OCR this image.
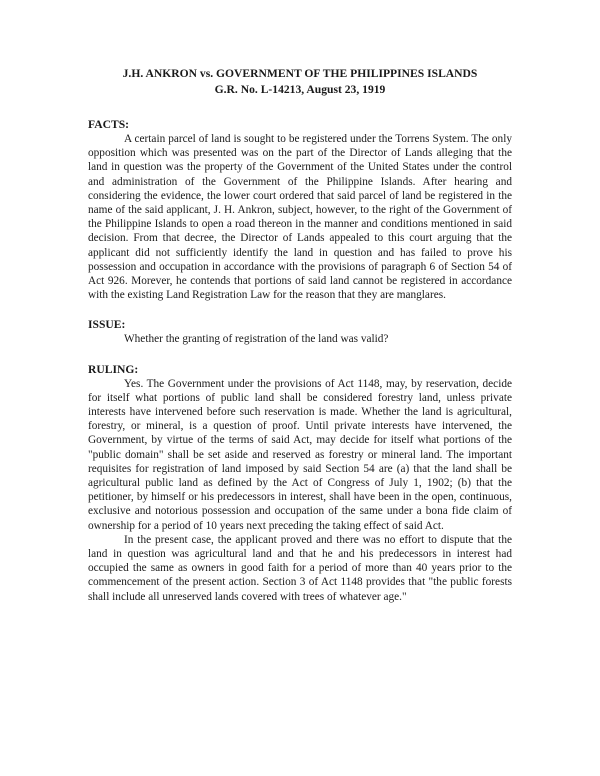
J.H. ANKRON vs. GOVERNMENT OF THE PHILIPPINES ISLANDS

G.R. No. L-14213, August 23, 1919

FACTS:

A certain parcel of land is sought to be registered under the Torrens System. The only opposition which was presented was on the part of the Director of Lands alleging that the land in question was the property of the Government of the United States under the control and administration of the Government of the Philippine Islands. After hearing and considering the evidence, the lower court ordered that said parcel of land be registered in the name of the said applicant, J. H. Ankron, subject, however, to the right of the Government of the Philippine Islands to open a road thereon in the manner and conditions mentioned in said decision. From that decree, the Director of Lands appealed to this court arguing that the applicant did not sufficiently identify the land in question and has failed to prove his possession and occupation in accordance with the provisions of paragraph 6 of Section 54 of Act 926. Morever, he contends that portions of said land cannot be registered in accordance with the existing Land Registration Law for the reason that they are manglares.

ISSUE:

Whether the granting of registration of the land was valid?

RULING:

Yes. The Government under the provisions of Act 1148, may, by reservation, decide for itself what portions of public land shall be considered forestry land, unless private interests have intervened before such reservation is made. Whether the land is agricultural, forestry, or mineral, is a question of proof. Until private interests have intervened, the Government, by virtue of the terms of said Act, may decide for itself what portions of the "public domain" shall be set aside and reserved as forestry or mineral land. The important requisites for registration of land imposed by said Section 54 are (a) that the land shall be agricultural public land as defined by the Act of Congress of July 1, 1902; (b) that the petitioner, by himself or his predecessors in interest, shall have been in the open, continuous, exclusive and notorious possession and occupation of the same under a bona fide claim of ownership for a period of 10 years next preceding the taking effect of said Act.

In the present case, the applicant proved and there was no effort to dispute that the land in question was agricultural land and that he and his predecessors in interest had occupied the same as owners in good faith for a period of more than 40 years prior to the commencement of the present action. Section 3 of Act 1148 provides that "the public forests shall include all unreserved lands covered with trees of whatever age."
